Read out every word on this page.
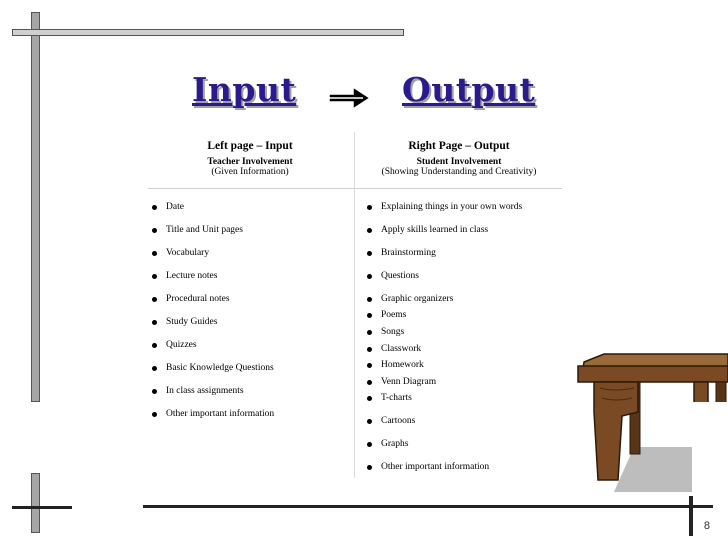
Input	Output
Left page – Input
Teacher Involvement
(Given Information)
Right Page – Output
Student Involvement
(Showing Understanding and Creativity)
Date
Title and Unit pages
Vocabulary
Lecture notes
Procedural notes
Study Guides
Quizzes
Basic Knowledge Questions
In class assignments
Other important information
Explaining things in your own words
Apply skills learned in class
Brainstorming
Questions
Graphic organizers
Poems
Songs
Classwork
Homework
Venn Diagram
T-charts
Cartoons
Graphs
Other important information
8
